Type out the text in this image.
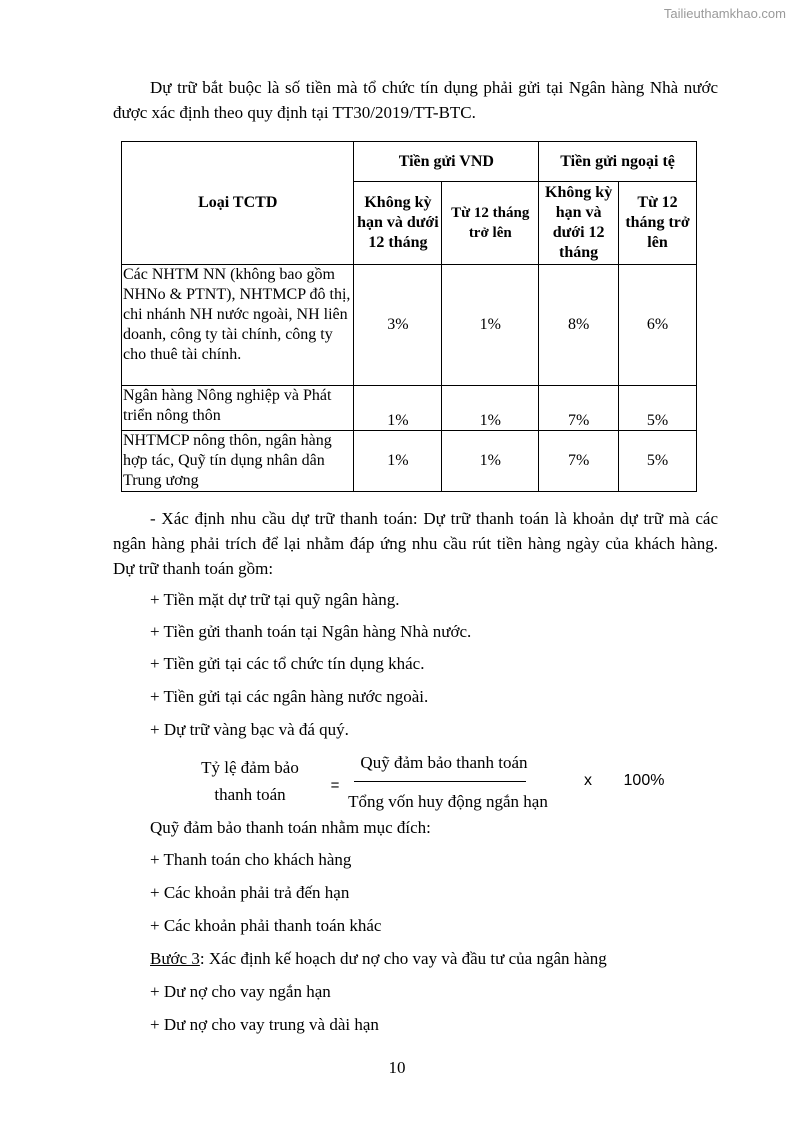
Tailieuthamkhao.com

Dự trữ bắt buộc là số tiền mà tổ chức tín dụng phải gửi tại Ngân hàng Nhà nước được xác định theo quy định tại TT30/2019/TT-BTC.

Loại TCTD	Tiền gửi VND		Tiền gửi ngoại tệ	
	Không kỳ hạn và dưới 12 tháng	Từ 12 tháng trở lên	Không kỳ hạn và dưới 12 tháng	Từ 12 tháng trở lên
Các NHTM NN (không bao gồm NHNo & PTNT), NHTMCP đô thị, chi nhánh NH nước ngoài, NH liên doanh, công ty tài chính, công ty cho thuê tài chính.	3%	1%	8%	6%
Ngân hàng Nông nghiệp và Phát triển nông thôn	1%	1%	7%	5%
NHTMCP nông thôn, ngân hàng hợp tác, Quỹ tín dụng nhân dân Trung ương	1%	1%	7%	5%

- Xác định nhu cầu dự trữ thanh toán: Dự trữ thanh toán là khoản dự trữ mà các ngân hàng phải trích để lại nhằm đáp ứng nhu cầu rút tiền hàng ngày của khách hàng. Dự trữ thanh toán gồm:

+ Tiền mặt dự trữ tại quỹ ngân hàng.

+ Tiền gửi thanh toán tại Ngân hàng Nhà nước.

+ Tiền gửi tại các tổ chức tín dụng khác.

+ Tiền gửi tại các ngân hàng nước ngoài.

+ Dự trữ vàng bạc và đá quý.

Tỷ lệ đảm bảo
thanh toán	=
Quỹ đảm bảo thanh toán
Tổng vốn huy động ngắn hạn
x	100%

Quỹ đảm bảo thanh toán nhằm mục đích:

+ Thanh toán cho khách hàng

+ Các khoản phải trả đến hạn

+ Các khoản phải thanh toán khác

Bước 3: Xác định kế hoạch dư nợ cho vay và đầu tư của ngân hàng

+ Dư nợ cho vay ngắn hạn

+ Dư nợ cho vay trung và dài hạn

10
